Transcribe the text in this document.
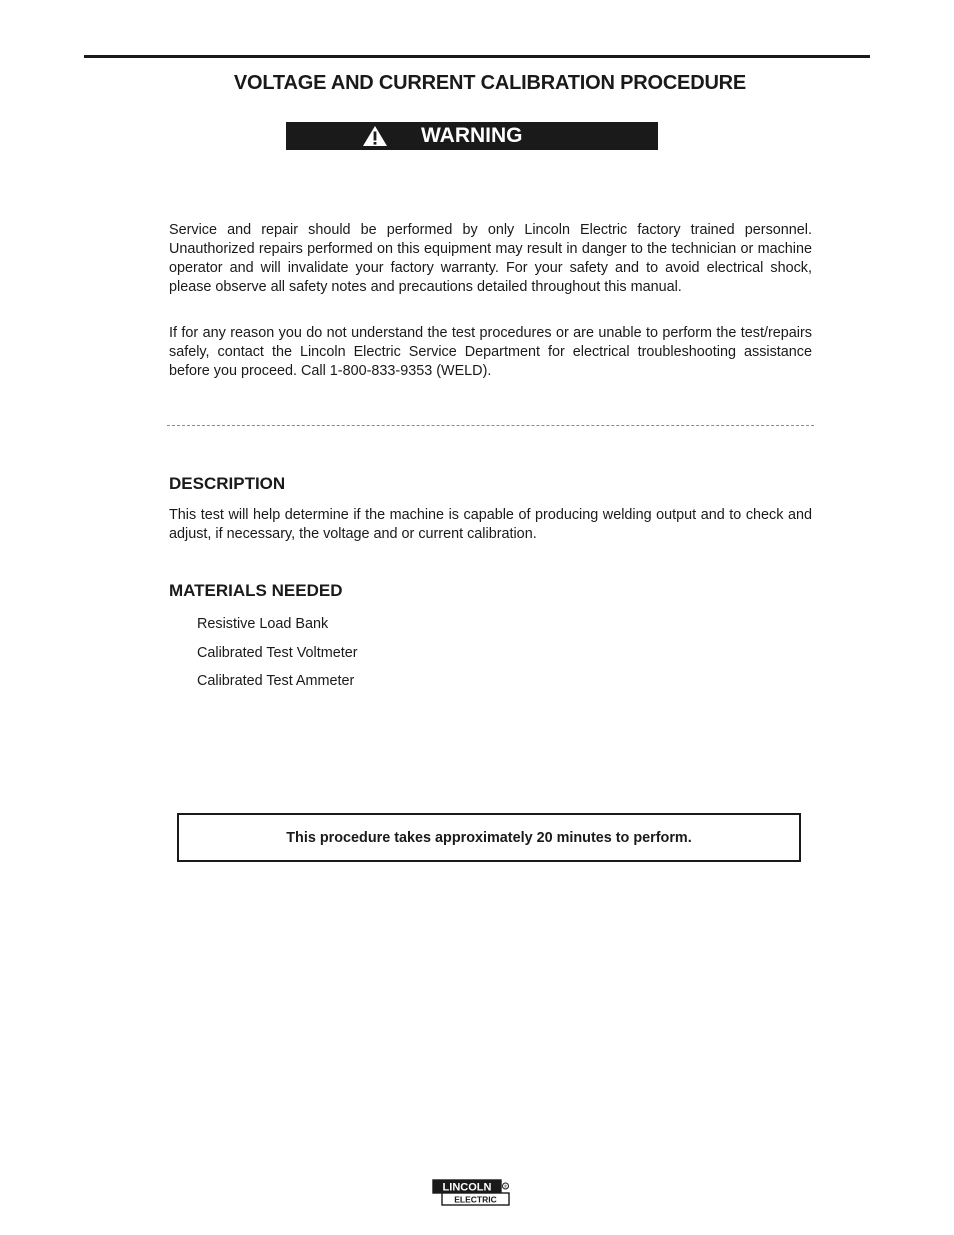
VOLTAGE AND CURRENT CALIBRATION PROCEDURE
WARNING

Service and repair should be performed by only Lincoln Electric factory trained personnel. Unauthorized repairs performed on this equipment may result in danger to the technician or machine operator and will invalidate your factory warranty. For your safety and to avoid electrical shock, please observe all safety notes and precautions detailed throughout this manual.

If for any reason you do not understand the test procedures or are unable to perform the test/repairs safely, contact the Lincoln Electric Service Department for electrical troubleshooting assistance before you proceed. Call 1-800-833-9353 (WELD).

DESCRIPTION

This test will help determine if the machine is capable of producing welding output and to check and adjust, if necessary, the voltage and or current calibration.

MATERIALS NEEDED
Resistive Load Bank
Calibrated Test Voltmeter
Calibrated Test Ammeter
This procedure takes approximately 20 minutes to perform.
LINCOLN
ELECTRIC
®
